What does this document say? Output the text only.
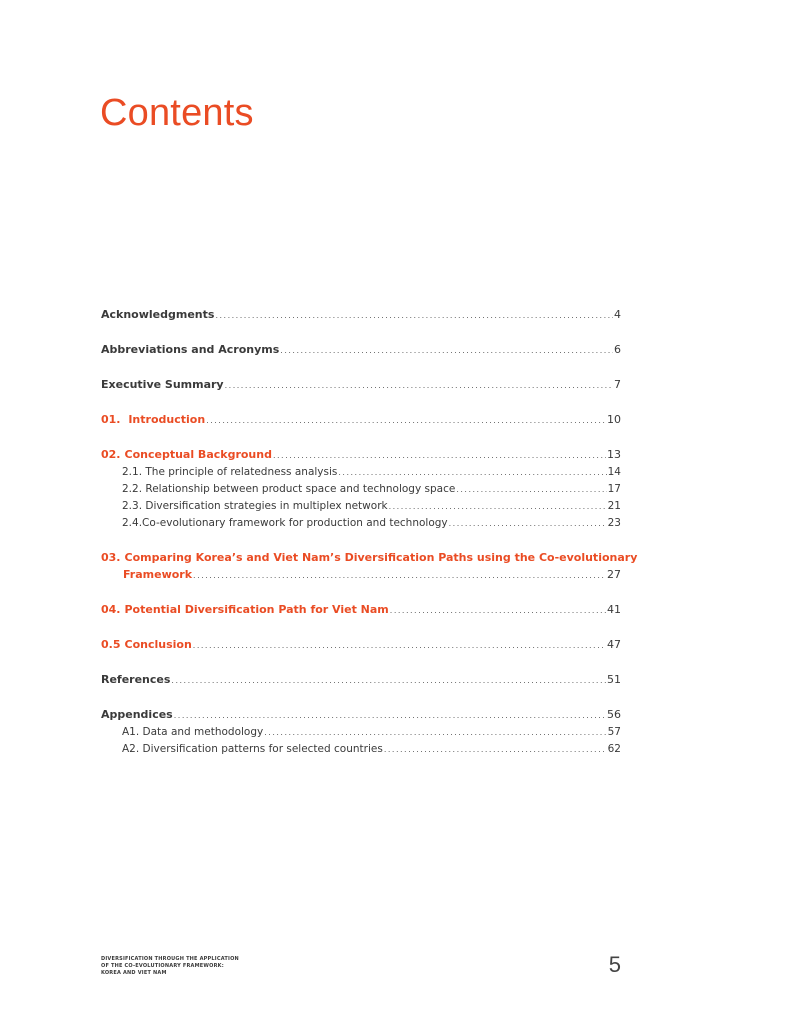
Contents
Acknowledgments .....	4
Abbreviations and Acronyms .....	6
Executive Summary .....	7
01. Introduction .....	10
02. Conceptual Background .....	13
2.1. The principle of relatedness analysis .....	14
2.2. Relationship between product space and technology space .....	17
2.3. Diversification strategies in multiplex network .....	21
2.4.Co-evolutionary framework for production and technology .....	23
03. Comparing Korea’s and Viet Nam’s Diversification Paths using the Co-evolutionary
Framework .....	27
04. Potential Diversification Path for Viet Nam .....	41
0.5 Conclusion .....	47
References .....	51
Appendices .....	56
A1. Data and methodology .....	57
A2. Diversification patterns for selected countries .....	62
DIVERSIFICATION THROUGH THE APPLICATION
OF THE CO-EVOLUTIONARY FRAMEWORK:
KOREA AND VIET NAM	5
